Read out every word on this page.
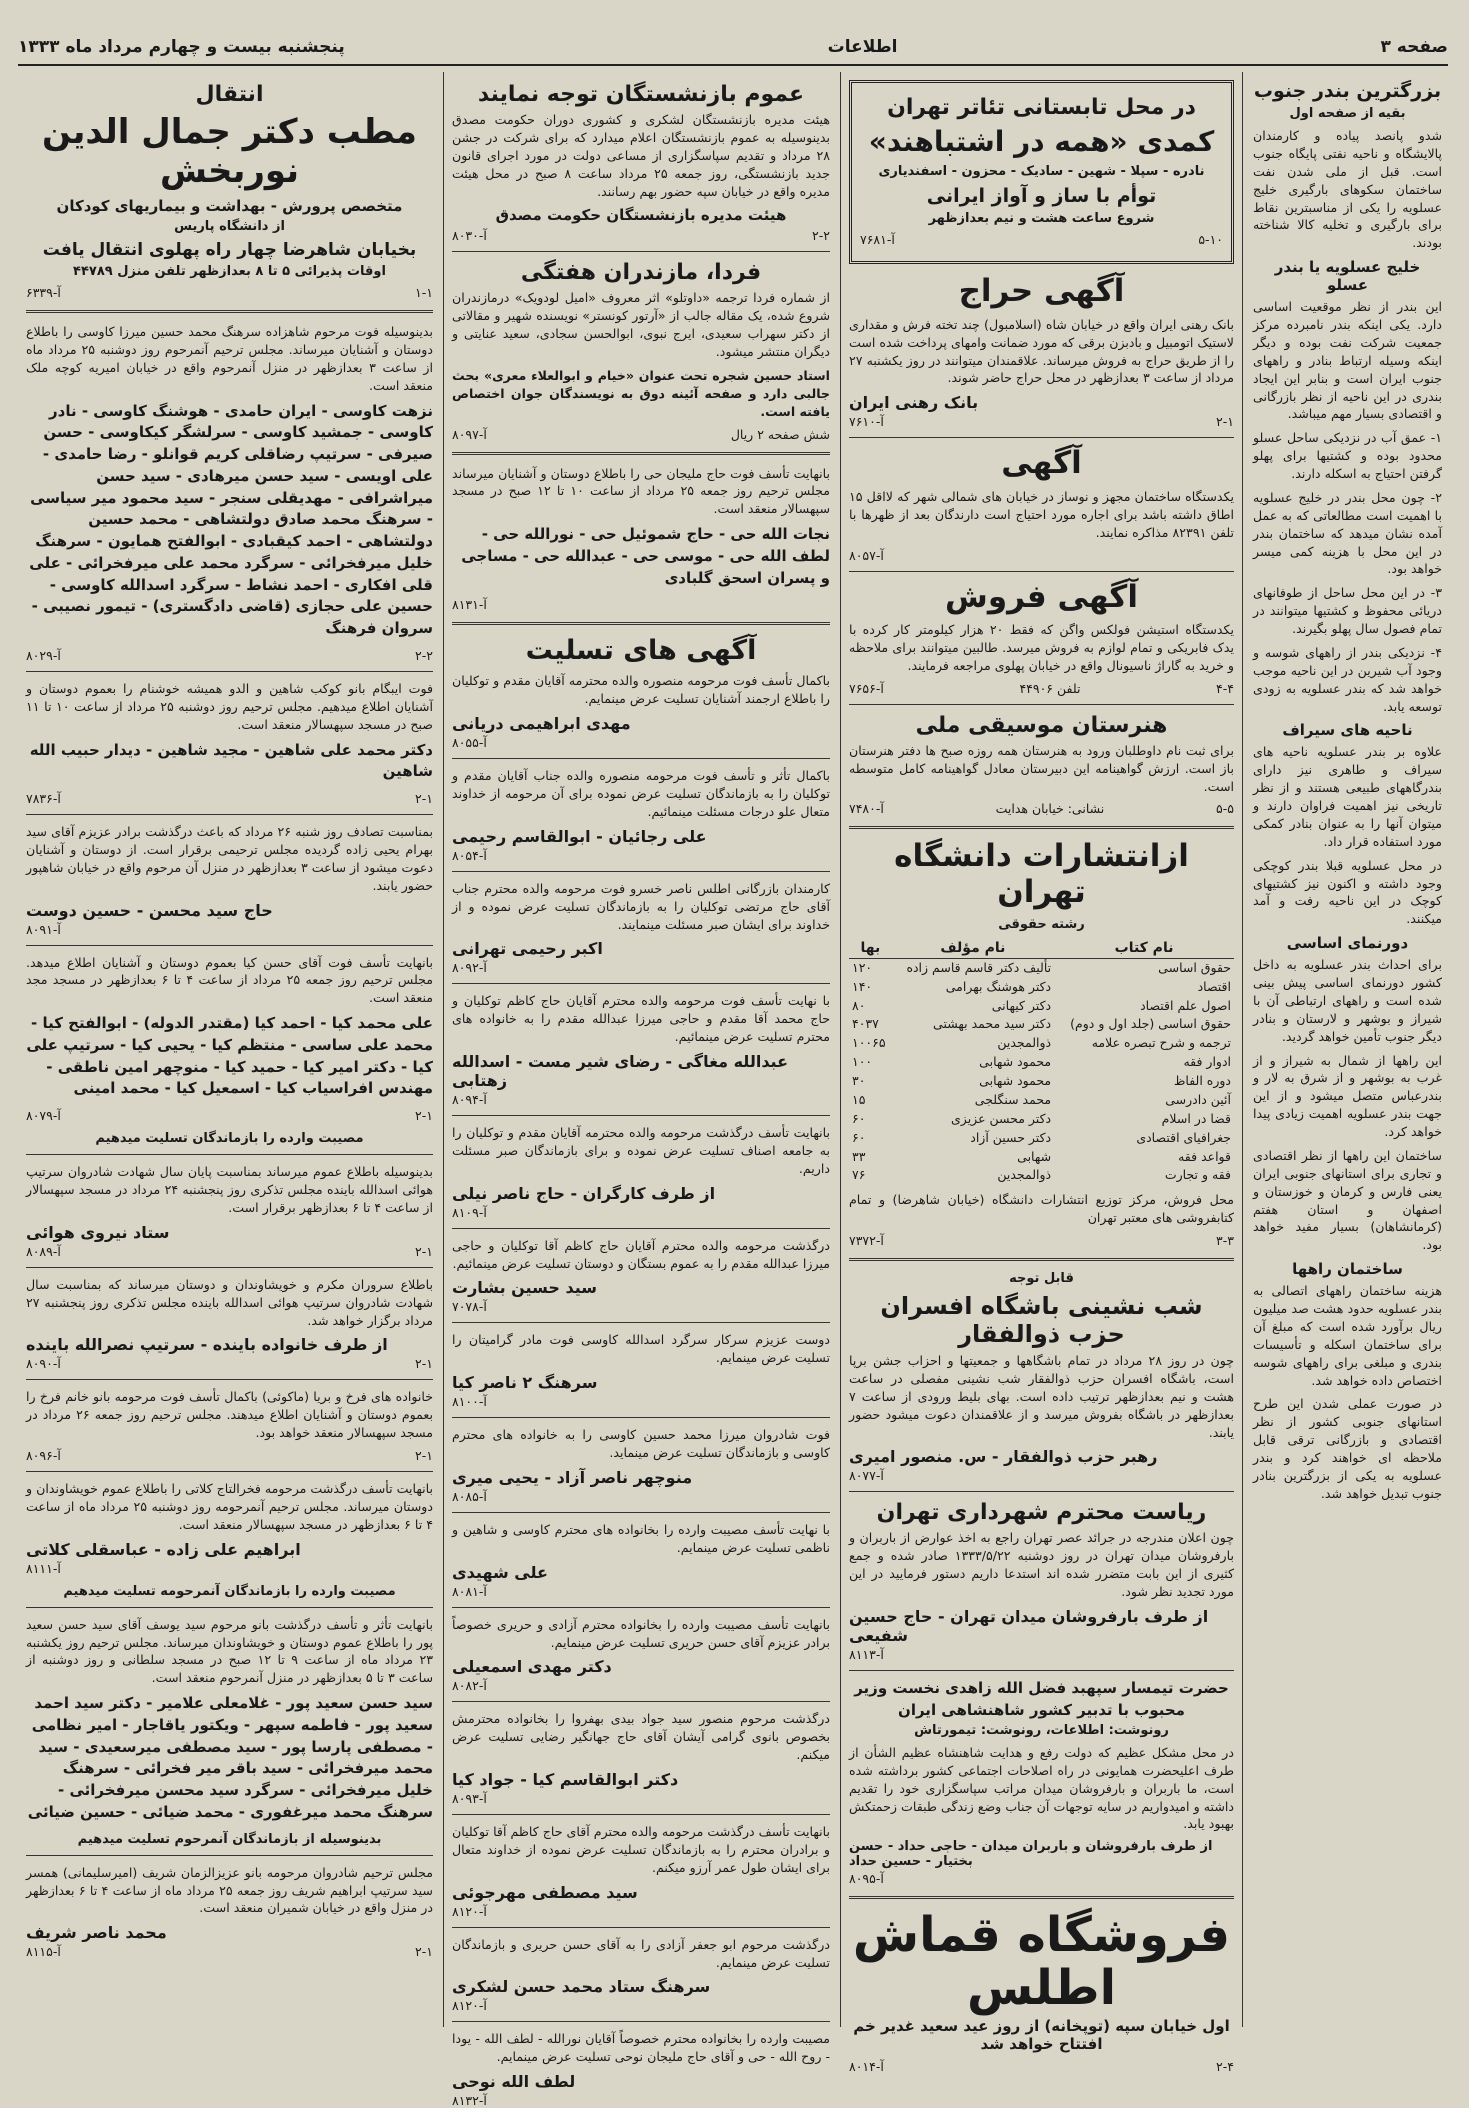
صفحه ۳
اطلاعات
پنجشنبه بیست و چهارم مرداد ماه ۱۳۳۳
بزرگترین بندر جنوب
بقیه از صفحه اول

شدو پانصد پیاده و کارمندان پالایشگاه و ناحیه نفتی پایگاه جنوب است. قبل از ملی شدن نفت ساختمان سکوهای بارگیری خلیج عسلویه را یکی از مناسبترین نقاط برای بارگیری و تخلیه کالا شناخته بودند.

خلیج عسلویه یا بندر عسلو

این بندر از نظر موقعیت اساسی دارد. یکی اینکه بندر نامبرده مرکز جمعیت شرکت نفت بوده و دیگر اینکه وسیله ارتباط بنادر و راههای جنوب ایران است و بنابر این ایجاد بندری در این ناحیه از نظر بازرگانی و اقتصادی بسیار مهم میباشد.

۱- عمق آب در نزدیکی ساحل عسلو محدود بوده و کشتیها برای پهلو گرفتن احتیاج به اسکله دارند.

۲- چون محل بندر در خلیج عسلویه با اهمیت است مطالعاتی که به عمل آمده نشان میدهد که ساختمان بندر در این محل با هزینه کمی میسر خواهد بود.

۳- در این محل ساحل از طوفانهای دریائی محفوظ و کشتیها میتوانند در تمام فصول سال پهلو بگیرند.

۴- نزدیکی بندر از راههای شوسه و وجود آب شیرین در این ناحیه موجب خواهد شد که بندر عسلویه به زودی توسعه یابد.

ناحیه های سیراف

علاوه بر بندر عسلویه ناحیه های سیراف و طاهری نیز دارای بندرگاههای طبیعی هستند و از نظر تاریخی نیز اهمیت فراوان دارند و میتوان آنها را به عنوان بنادر کمکی مورد استفاده قرار داد.

در محل عسلویه قبلا بندر کوچکی وجود داشته و اکنون نیز کشتیهای کوچک در این ناحیه رفت و آمد میکنند.

دورنمای اساسی

برای احداث بندر عسلویه به داخل کشور دورنمای اساسی پیش بینی شده است و راههای ارتباطی آن با شیراز و بوشهر و لارستان و بنادر دیگر جنوب تأمین خواهد گردید.

این راهها از شمال به شیراز و از غرب به بوشهر و از شرق به لار و بندرعباس متصل میشود و از این جهت بندر عسلویه اهمیت زیادی پیدا خواهد کرد.

ساختمان این راهها از نظر اقتصادی و تجاری برای استانهای جنوبی ایران یعنی فارس و کرمان و خوزستان و اصفهان و استان هفتم (کرمانشاهان) بسیار مفید خواهد بود.

ساختمان راهها

هزینه ساختمان راههای اتصالی به بندر عسلویه حدود هشت صد میلیون ریال برآورد شده است که مبلغ آن برای ساختمان اسکله و تأسیسات بندری و مبلغی برای راههای شوسه اختصاص داده خواهد شد.

در صورت عملی شدن این طرح استانهای جنوبی کشور از نظر اقتصادی و بازرگانی ترقی قابل ملاحظه ای خواهند کرد و بندر عسلویه به یکی از بزرگترین بنادر جنوب تبدیل خواهد شد.

در محل تابستانی تئاتر تهران
کمدی «همه در اشتباهند»
نادره - سپلا - شهین - سادیک - محزون - اسفندیاری
توأم با ساز و آواز ایرانی
شروع ساعت هشت و نیم بعدازظهر
آ-۷۶۸۱	۵-۱۰
آگهی حراج

بانک رهنی ایران واقع در خیابان شاه (اسلامبول) چند تخته فرش و مقداری لاستیک اتومبیل و بادبزن برقی که مورد ضمانت وامهای پرداخت شده است را از طریق حراج به فروش میرساند. علاقمندان میتوانند در روز یکشنبه ۲۷ مرداد از ساعت ۳ بعدازظهر در محل حراج حاضر شوند.

بانک رهنی ایران
آ-۷۶۱۰	۲-۱
آگهی

یکدستگاه ساختمان مجهز و نوساز در خیابان های شمالی شهر که لااقل ۱۵ اطاق داشته باشد برای اجاره مورد احتیاج است دارندگان بعد از ظهرها با تلفن ۸۲۳۹۱ مذاکره نمایند.

آ-۸۰۵۷
آگهی فروش

یکدستگاه استیشن فولکس واگن که فقط ۲۰ هزار کیلومتر کار کرده با یدک فابریکی و تمام لوازم به فروش میرسد. طالبین میتوانند برای ملاحظه و خرید به گاراژ ناسیونال واقع در خیابان پهلوی مراجعه فرمایند.

آ-۷۶۵۶	تلفن ۴۴۹۰۶	۴-۴
هنرستان موسیقی ملی

برای ثبت نام داوطلبان ورود به هنرستان همه روزه صبح ها دفتر هنرستان باز است. ارزش گواهینامه این دبیرستان معادل گواهینامه کامل متوسطه است.

آ-۷۴۸۰	نشانی: خیابان هدایت	۵-۵
ازانتشارات دانشگاه تهران
رشته حقوقی
نام کتاب	نام مؤلف	بها
حقوق اساسی	تألیف دکتر قاسم قاسم زاده	۱۲۰
اقتصاد	دکتر هوشنگ بهرامی	۱۴۰
اصول علم اقتصاد	دکتر کیهانی	۸۰
حقوق اساسی (جلد اول و دوم)	دکتر سید محمد بهشتی	۴۰۳۷
ترجمه و شرح تبصره علامه	ذوالمجدین	۱۰۰۶۵
ادوار فقه	محمود شهابی	۱۰۰
دوره الفاظ	محمود شهابی	۳۰
آئین دادرسی	محمد سنگلجی	۱۵
قضا در اسلام	دکتر محسن عزیزی	۶۰
جغرافیای اقتصادی	دکتر حسین آزاد	۶۰
قواعد فقه	شهابی	۳۳
فقه و تجارت	ذوالمجدین	۷۶

محل فروش، مرکز توزیع انتشارات دانشگاه (خیابان شاهرضا) و تمام کتابفروشی های معتبر تهران

آ-۷۳۷۲	۳-۳
قابل توجه
شب نشینی باشگاه افسران حزب ذوالفقار

چون در روز ۲۸ مرداد در تمام باشگاهها و جمعیتها و احزاب جشن برپا است، باشگاه افسران حزب ذوالفقار شب نشینی مفصلی در ساعت هشت و نیم بعدازظهر ترتیب داده است. بهای بلیط ورودی از ساعت ۷ بعدازظهر در باشگاه بفروش میرسد و از علاقمندان دعوت میشود حضور یابند.

رهبر حزب ذوالفقار - س. منصور امیری
آ-۸۰۷۷
ریاست محترم شهرداری تهران

چون اعلان مندرجه در جرائد عصر تهران راجع به اخذ عوارض از باربران و بارفروشان میدان تهران در روز دوشنبه ۱۳۳۳/۵/۲۲ صادر شده و جمع کثیری از این بابت متضرر شده اند استدعا داریم دستور فرمایید در این مورد تجدید نظر شود.

از طرف بارفروشان میدان تهران - حاج حسین شفیعی
آ-۸۱۱۳
حضرت تیمسار سپهبد فضل الله زاهدی نخست وزیر
محبوب با تدبیر کشور شاهنشاهی ایران
رونوشت: اطلاعات، رونوشت: تیمورتاش

در محل مشکل عظیم که دولت رفع و هدایت شاهنشاه عظیم الشأن از طرف اعلیحضرت همایونی در راه اصلاحات اجتماعی کشور برداشته شده است، ما باربران و بارفروشان میدان مراتب سپاسگزاری خود را تقدیم داشته و امیدواریم در سایه توجهات آن جناب وضع زندگی طبقات زحمتکش بهبود یابد.

از طرف بارفروشان و باربران میدان - حاجی حداد - حسن بختیار - حسین حداد
آ-۸۰۹۵
فروشگاه قماش اطلس
اول خیابان سپه (توپخانه) از روز عید سعید غدیر خم افتتاح خواهد شد
آ-۸۰۱۴	۲-۴
عموم بازنشستگان توجه نمایند

هیئت مدیره بازنشستگان لشکری و کشوری دوران حکومت مصدق بدینوسیله به عموم بازنشستگان اعلام میدارد که برای شرکت در جشن ۲۸ مرداد و تقدیم سپاسگزاری از مساعی دولت در مورد اجرای قانون جدید بازنشستگی، روز جمعه ۲۵ مرداد ساعت ۸ صبح در محل هیئت مدیره واقع در خیابان سپه حضور بهم رسانند.

هیئت مدیره بازنشستگان حکومت مصدق
آ-۸۰۳۰	۲-۲
فردا، مازندران هفتگی

از شماره فردا ترجمه «داوتلو» اثر معروف «امیل لودویک» درمازندران شروع شده، یک مقاله جالب از «آرتور کونستر» نویسنده شهیر و مقالاتی از دکتر سهراب سعیدی، ایرج نبوی، ابوالحسن سجادی، سعید عنایتی و دیگران منتشر میشود.

استاد حسین شجره تحت عنوان «خیام و ابوالعلاء معری» بحث جالبی دارد و صفحه آئینه دوق به نویسندگان جوان اختصاص یافته است.

آ-۸۰۹۷	شش صفحه ۲ ریال

بانهایت تأسف فوت حاج ملیجان حی را باطلاع دوستان و آشنایان میرساند مجلس ترحیم روز جمعه ۲۵ مرداد از ساعت ۱۰ تا ۱۲ صبح در مسجد سپهسالار منعقد است.

نجات الله حی - حاج شموئیل حی - نورالله حی - لطف الله حی - موسی حی - عبدالله حی - مساجی و پسران اسحق گلبادی
آ-۸۱۳۱
آگهی های تسلیت

باکمال تأسف فوت مرحومه منصوره والده محترمه آقایان مقدم و توکلیان را باطلاع ارجمند آشنایان تسلیت عرض مینمایم.

مهدی ابراهیمی دریانی
آ-۸۰۵۵

باکمال تأثر و تأسف فوت مرحومه منصوره والده جناب آقایان مقدم و توکلیان را به بازماندگان تسلیت عرض نموده برای آن مرحومه از خداوند متعال علو درجات مسئلت مینمائیم.

علی رجائیان - ابوالقاسم رحیمی
آ-۸۰۵۴

کارمندان بازرگانی اطلس ناصر خسرو فوت مرحومه والده محترم جناب آقای حاج مرتضی توکلیان را به بازماندگان تسلیت عرض نموده و از خداوند برای ایشان صبر مسئلت مینمایند.

اکبر رحیمی تهرانی
آ-۸۰۹۲

با نهایت تأسف فوت مرحومه والده محترم آقایان حاج کاظم توکلیان و حاج محمد آقا مقدم و حاجی میرزا عبدالله مقدم را به خانواده های محترم تسلیت عرض مینمائیم.

عبدالله مغاگی - رضای شیر مست - اسدالله زهتابی
آ-۸۰۹۴

بانهایت تأسف درگذشت مرحومه والده محترمه آقایان مقدم و توکلیان را به جامعه اصناف تسلیت عرض نموده و برای بازماندگان صبر مسئلت داریم.

از طرف کارگران - حاج ناصر نیلی
آ-۸۱۰۹

درگذشت مرحومه والده محترم آقایان حاج کاظم آقا توکلیان و حاجی میرزا عبدالله مقدم را به عموم بستگان و دوستان تسلیت عرض مینمائیم.

سید حسین بشارت
آ-۷۰۷۸

دوست عزیزم سرکار سرگرد اسدالله کاوسی فوت مادر گرامیتان را تسلیت عرض مینمایم.

سرهنگ ۲ ناصر کیا
آ-۸۱۰۰

فوت شادروان میرزا محمد حسین کاوسی را به خانواده های محترم کاوسی و بازماندگان تسلیت عرض مینماید.

منوچهر ناصر آزاد - یحیی میری
آ-۸۰۸۵

با نهایت تأسف مصیبت وارده را بخانواده های محترم کاوسی و شاهین و ناظمی تسلیت عرض مینمایم.

علی شهیدی
آ-۸۰۸۱

بانهایت تأسف مصیبت وارده را بخانواده محترم آزادی و حریری خصوصاً برادر عزیزم آقای حسن حریری تسلیت عرض مینمایم.

دکتر مهدی اسمعیلی
آ-۸۰۸۲

درگذشت مرحوم منصور سید جواد بیدی بهفروا را بخانواده محترمش بخصوص بانوی گرامی آیشان آقای حاج جهانگیر رضایی تسلیت عرض میکنم.

دکتر ابوالقاسم کیا - جواد کیا
آ-۸۰۹۳

بانهایت تأسف درگذشت مرحومه والده محترم آقای حاج کاظم آقا توکلیان و برادران محترم را به بازماندگان تسلیت عرض نموده از خداوند متعال برای ایشان طول عمر آرزو میکنم.

سید مصطفی مهرجوئی
آ-۸۱۲۰

درگذشت مرحوم ابو جعفر آزادی را به آقای حسن حریری و بازماندگان تسلیت عرض مینمایم.

سرهنگ ستاد محمد حسن لشکری
آ-۸۱۲۰

مصیبت وارده را بخانواده محترم خصوصاً آقایان نورالله - لطف الله - یودا - روح الله - حی و آقای حاج ملیجان نوحی تسلیت عرض مینمایم.

لطف الله نوحی
آ-۸۱۳۲
انتقال
مطب دکتر جمال الدین نوربخش
متخصص پرورش - بهداشت و بیماریهای کودکان
از دانشگاه پاریس
بخیابان شاهرضا چهار راه پهلوی انتقال یافت
اوقات پذیرائی ۵ تا ۸ بعدازظهر تلفن منزل ۴۴۷۸۹
آ-۶۳۳۹	۱-۱

بدینوسیله فوت مرحوم شاهزاده سرهنگ محمد حسین میرزا کاوسی را باطلاع دوستان و آشنایان میرساند. مجلس ترحیم آنمرحوم روز دوشنبه ۲۵ مرداد ماه از ساعت ۳ بعدازظهر در منزل آنمرحوم واقع در خیابان امیریه کوچه ملک منعقد است.

نزهت کاوسی - ایران حامدی - هوشنگ کاوسی - نادر کاوسی - جمشید کاوسی - سرلشگر کیکاوسی - حسن صیرفی - سرتیپ رضاقلی کریم قوانلو - رضا حامدی - علی اویسی - سید حسن میرهادی - سید حسن میراشرافی - مهدیقلی سنجر - سید محمود میر سیاسی - سرهنگ محمد صادق دولتشاهی - محمد حسین دولتشاهی - احمد کیقبادی - ابوالفتح همایون - سرهنگ خلیل میرفخرائی - سرگرد محمد علی میرفخرائی - علی قلی افکاری - احمد نشاط - سرگرد اسدالله کاوسی - حسین علی حجازی (قاضی دادگستری) - تیمور نصیبی - سروان فرهنگ
آ-۸۰۲۹	۲-۲

فوت ایبگام بانو کوکب شاهین و الدو همیشه خوشنام را بعموم دوستان و آشنایان اطلاع میدهیم. مجلس ترحیم روز دوشنبه ۲۵ مرداد از ساعت ۱۰ تا ۱۱ صبح در مسجد سپهسالار منعقد است.

دکتر محمد علی شاهین - مجید شاهین - دیدار حبیب الله شاهین
آ-۷۸۳۶	۲-۱

بمناسبت تصادف روز شنبه ۲۶ مرداد که باعث درگذشت برادر عزیزم آقای سید بهرام یحیی زاده گردیده مجلس ترحیمی برقرار است. از دوستان و آشنایان دعوت میشود از ساعت ۳ بعدازظهر در منزل آن مرحوم واقع در خیابان شاهپور حضور یابند.

حاج سید محسن - حسین دوست
آ-۸۰۹۱

بانهایت تأسف فوت آقای حسن کیا بعموم دوستان و آشنایان اطلاع میدهد. مجلس ترحیم روز جمعه ۲۵ مرداد از ساعت ۴ تا ۶ بعدازظهر در مسجد مجد منعقد است.

علی محمد کیا - احمد کیا (مقتدر الدوله) - ابوالفتح کیا - محمد علی ساسی - منتظم کیا - یحیی کیا - سرتیپ علی کیا - دکتر امیر کیا - حمید کیا - منوچهر امین ناطقی - مهندس افراسیاب کیا - اسمعیل کیا - محمد امینی
آ-۸۰۷۹	۲-۱
مصیبت وارده را بازماندگان تسلیت میدهیم

بدینوسیله باطلاع عموم میرساند بمناسبت پایان سال شهادت شادروان سرتیپ هوائی اسدالله باینده مجلس تذکری روز پنجشنبه ۲۴ مرداد در مسجد سپهسالار از ساعت ۴ تا ۶ بعدازظهر برقرار است.

ستاد نیروی هوائی
آ-۸۰۸۹	۲-۱

باطلاع سروران مکرم و خویشاوندان و دوستان میرساند که بمناسبت سال شهادت شادروان سرتیپ هوائی اسدالله باینده مجلس تذکری روز پنجشنبه ۲۷ مرداد برگزار خواهد شد.

از طرف خانواده باینده - سرتیپ نصرالله باینده
آ-۸۰۹۰	۲-۱

خانواده های فرخ و بریا (ماکوئی) باکمال تأسف فوت مرحومه بانو خانم فرخ را بعموم دوستان و آشنایان اطلاع میدهند. مجلس ترحیم روز جمعه ۲۶ مرداد در مسجد سپهسالار منعقد خواهد بود.

آ-۸۰۹۶	۲-۱

بانهایت تأسف درگذشت مرحومه فخرالتاج کلاتی را باطلاع عموم خویشاوندان و دوستان میرساند. مجلس ترحیم آنمرحومه روز دوشنبه ۲۵ مرداد ماه از ساعت ۴ تا ۶ بعدازظهر در مسجد سپهسالار منعقد است.

ابراهیم علی زاده - عباسقلی کلاتی
آ-۸۱۱۱
مصیبت وارده را بازماندگان آنمرحومه تسلیت میدهیم

بانهایت تأثر و تأسف درگذشت بانو مرحوم سید یوسف آقای سید حسن سعید پور را باطلاع عموم دوستان و خویشاوندان میرساند. مجلس ترحیم روز یکشنبه ۲۳ مرداد ماه از ساعت ۹ تا ۱۲ صبح در مسجد سلطانی و روز دوشنبه از ساعت ۳ تا ۵ بعدازظهر در منزل آنمرحوم منعقد است.

سید حسن سعید پور - غلامعلی علامیر - دکتر سید احمد سعید پور - فاطمه سپهر - ویکتور یاقاجار - امیر نظامی - مصطفی پارسا پور - سید مصطفی میرسعیدی - سید محمد میرفخرائی - سید باقر میر فخرائی - سرهنگ خلیل میرفخرائی - سرگرد سید محسن میرفخرائی - سرهنگ محمد میرغفوری - محمد ضیائی - حسین ضیائی
بدینوسیله از بازماندگان آنمرحوم تسلیت میدهیم

مجلس ترحیم شادروان مرحومه بانو عزیزالزمان شریف (امیرسلیمانی) همسر سید سرتیپ ابراهیم شریف روز جمعه ۲۵ مرداد ماه از ساعت ۴ تا ۶ بعدازظهر در منزل واقع در خیابان شمیران منعقد است.

محمد ناصر شریف
آ-۸۱۱۵	۲-۱
